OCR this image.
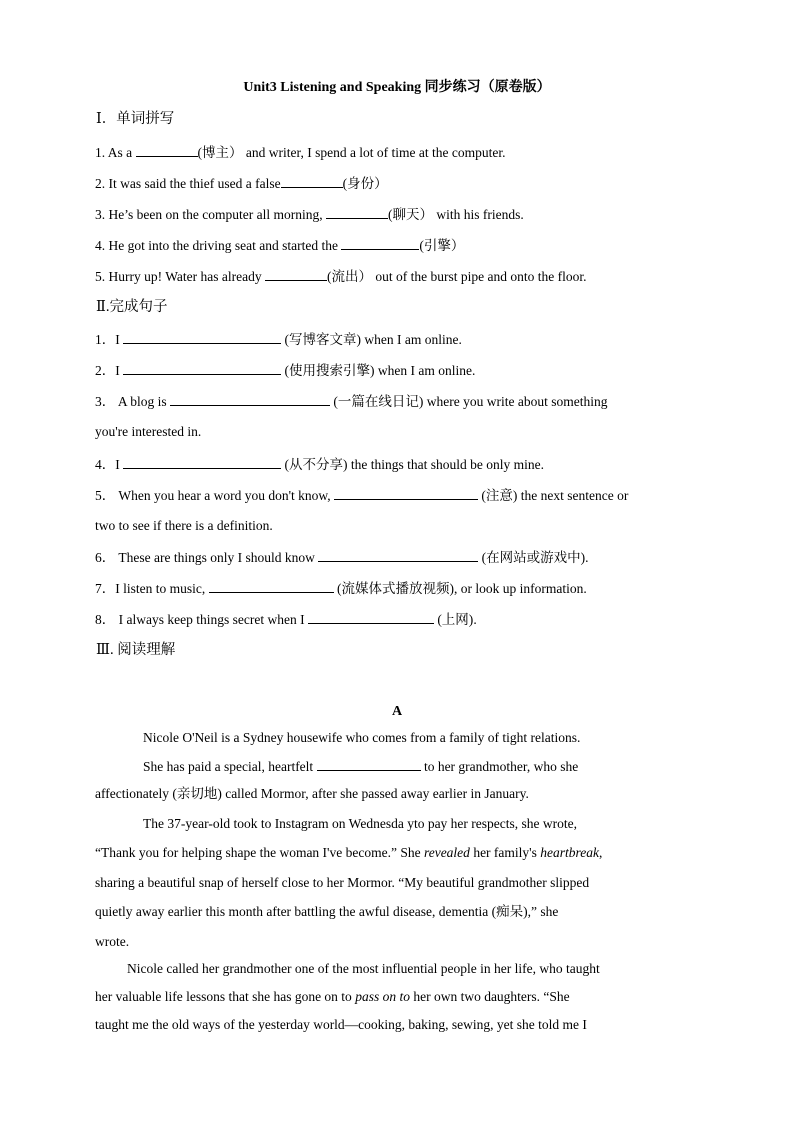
Unit3 Listening and Speaking 同步练习（原卷版）
Ⅰ．单词拼写
1. As a	(博主） and writer, I spend a lot of time at the computer.
2. It was said the thief used a false	(身份）
3. He’s been on the computer all morning,	(聊天） with his friends.
4. He got into the driving seat and started the	(引擎）
5. Hurry up! Water has already	(流出） out of the burst pipe and onto the floor.
Ⅱ.完成句子
1．I	(写博客文章) when I am online.
2．I	(使用搜索引擎) when I am online.
3． A blog is	(一篇在线日记) where you write about something
you're interested in.
4．I	(从不分享) the things that should be only mine.
5． When you hear a word you don't know,	(注意) the next sentence or
two to see if there is a definition.
6． These are things only I should know	(在网站或游戏中).
7．I listen to music,	(流媒体式播放视频), or look up information.
8． I always keep things secret when I	(上网).
Ⅲ. 阅读理解
A
Nicole O'Neil is a Sydney housewife who comes from a family of tight relations.
She has paid a special, heartfelt	to her grandmother, who she
affectionately (亲切地) called Mormor, after she passed away earlier in January.
The 37-year-old took to Instagram on Wednesda yto pay her respects, she wrote,
“Thank you for helping shape the woman I've become.” She revealed her family's heartbreak,
sharing a beautiful snap of herself close to her Mormor. “My beautiful grandmother slipped
quietly away earlier this month after battling the awful disease, dementia (痴呆),” she
wrote.
Nicole called her grandmother one of the most influential people in her life, who taught
her valuable life lessons that she has gone on to pass on to her own two daughters. “She
taught me the old ways of the yesterday world—cooking, baking, sewing, yet she told me I
